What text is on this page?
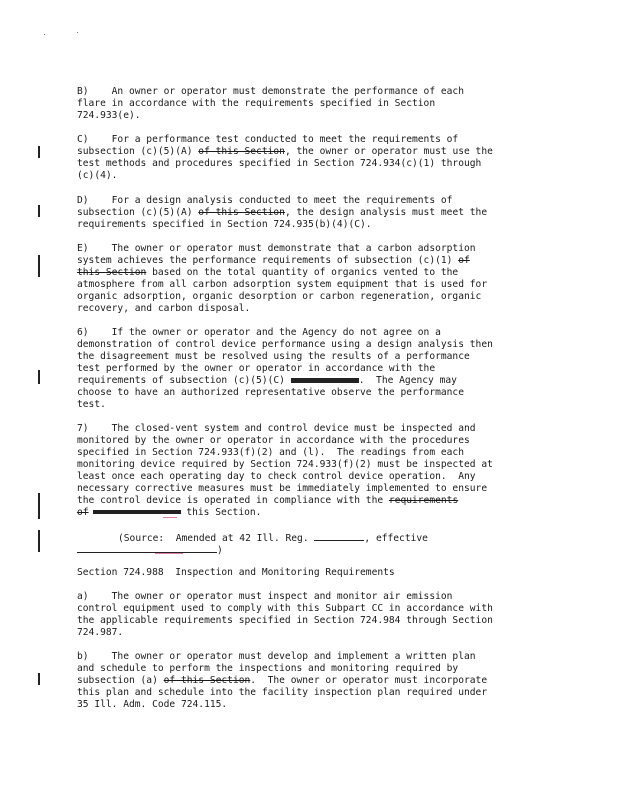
B)    An owner or operator must demonstrate the performance of each
flare in accordance with the requirements specified in Section
724.933(e).
C)    For a performance test conducted to meet the requirements of
subsection (c)(5)(A) of this Section, the owner or operator must use the
test methods and procedures specified in Section 724.934(c)(1) through
(c)(4).
D)    For a design analysis conducted to meet the requirements of
subsection (c)(5)(A) of this Section, the design analysis must meet the
requirements specified in Section 724.935(b)(4)(C).
E)    The owner or operator must demonstrate that a carbon adsorption
system achieves the performance requirements of subsection (c)(1) of
this Section based on the total quantity of organics vented to the
atmosphere from all carbon adsorption system equipment that is used for
organic adsorption, organic desorption or carbon regeneration, organic
recovery, and carbon disposal.
6)    If the owner or operator and the Agency do not agree on a
demonstration of control device performance using a design analysis then
the disagreement must be resolved using the results of a performance
test performed by the owner or operator in accordance with the
requirements of subsection (c)(5)(C)	.  The Agency may
choose to have an authorized representative observe the performance
test.
7)    The closed-vent system and control device must be inspected and
monitored by the owner or operator in accordance with the procedures
specified in Section 724.933(f)(2) and (l).  The readings from each
monitoring device required by Section 724.933(f)(2) must be inspected at
least once each operating day to check control device operation.  Any
necessary corrective measures must be immediately implemented to ensure
the control device is operated in compliance with the requirements
of	this Section.
(Source:  Amended at 42 Ill. Reg.	, effective
)
Section 724.988  Inspection and Monitoring Requirements
a)    The owner or operator must inspect and monitor air emission
control equipment used to comply with this Subpart CC in accordance with
the applicable requirements specified in Section 724.984 through Section
724.987.
b)    The owner or operator must develop and implement a written plan
and schedule to perform the inspections and monitoring required by
subsection (a) of this Section.  The owner or operator must incorporate
this plan and schedule into the facility inspection plan required under
35 Ill. Adm. Code 724.115.
